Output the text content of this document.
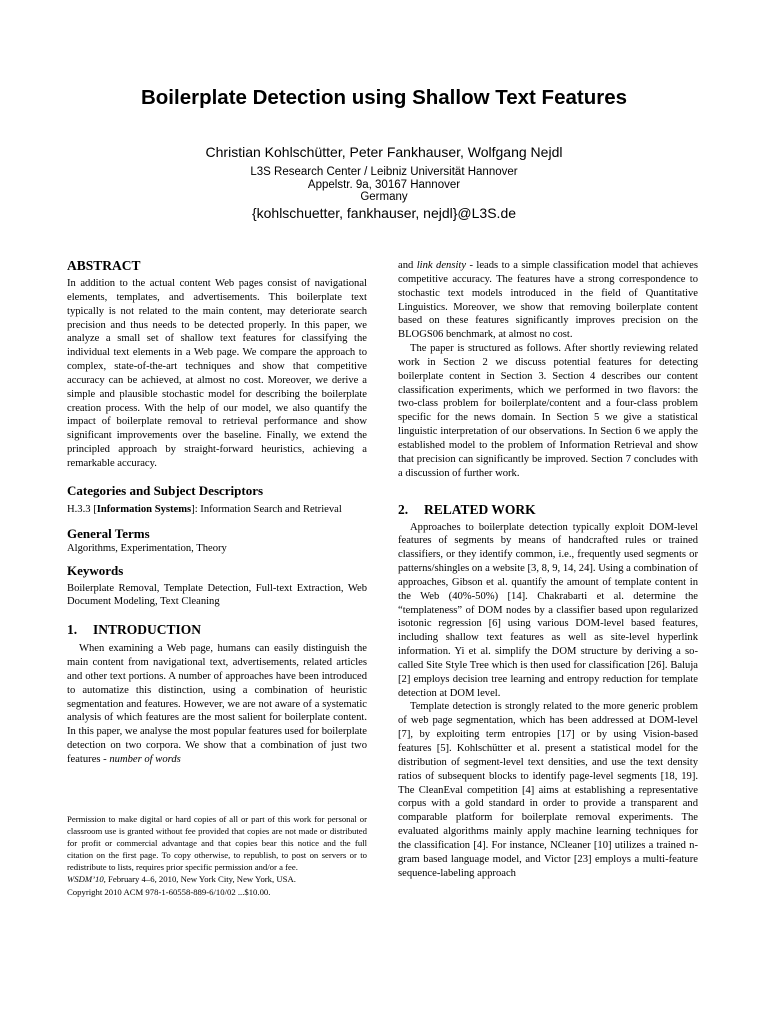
Boilerplate Detection using Shallow Text Features
Christian Kohlschütter, Peter Fankhauser, Wolfgang Nejdl
L3S Research Center / Leibniz Universität Hannover
Appelstr. 9a, 30167 Hannover
Germany
{kohlschuetter, fankhauser, nejdl}@L3S.de
ABSTRACT

In addition to the actual content Web pages consist of navigational elements, templates, and advertisements. This boilerplate text typically is not related to the main content, may deteriorate search precision and thus needs to be detected properly. In this paper, we analyze a small set of shallow text features for classifying the individual text elements in a Web page. We compare the approach to complex, state-of-the-art techniques and show that competitive accuracy can be achieved, at almost no cost. Moreover, we derive a simple and plausible stochastic model for describing the boilerplate creation process. With the help of our model, we also quantify the impact of boilerplate removal to retrieval performance and show significant improvements over the baseline. Finally, we extend the principled approach by straight-forward heuristics, achieving a remarkable accuracy.

Categories and Subject Descriptors

H.3.3 [Information Systems]: Information Search and Retrieval

General Terms

Algorithms, Experimentation, Theory

Keywords

Boilerplate Removal, Template Detection, Full-text Extraction, Web Document Modeling, Text Cleaning

1. INTRODUCTION

When examining a Web page, humans can easily distinguish the main content from navigational text, advertisements, related articles and other text portions. A number of approaches have been introduced to automatize this distinction, using a combination of heuristic segmentation and features. However, we are not aware of a systematic analysis of which features are the most salient for boilerplate content. In this paper, we analyse the most popular features used for boilerplate detection on two corpora. We show that a combination of just two features - number of words

Permission to make digital or hard copies of all or part of this work for personal or classroom use is granted without fee provided that copies are not made or distributed for profit or commercial advantage and that copies bear this notice and the full citation on the first page. To copy otherwise, to republish, to post on servers or to redistribute to lists, requires prior specific permission and/or a fee.

WSDM’10, February 4–6, 2010, New York City, New York, USA.

Copyright 2010 ACM 978-1-60558-889-6/10/02 ...$10.00.

and link density - leads to a simple classification model that achieves competitive accuracy. The features have a strong correspondence to stochastic text models introduced in the field of Quantitative Linguistics. Moreover, we show that removing boilerplate content based on these features significantly improves precision on the BLOGS06 benchmark, at almost no cost.

The paper is structured as follows. After shortly reviewing related work in Section 2 we discuss potential features for detecting boilerplate content in Section 3. Section 4 describes our content classification experiments, which we performed in two flavors: the two-class problem for boilerplate/content and a four-class problem specific for the news domain. In Section 5 we give a statistical linguistic interpretation of our observations. In Section 6 we apply the established model to the problem of Information Retrieval and show that precision can significantly be improved. Section 7 concludes with a discussion of further work.

2. RELATED WORK

Approaches to boilerplate detection typically exploit DOM-level features of segments by means of handcrafted rules or trained classifiers, or they identify common, i.e., frequently used segments or patterns/shingles on a website [3, 8, 9, 14, 24]. Using a combination of approaches, Gibson et al. quantify the amount of template content in the Web (40%-50%) [14]. Chakrabarti et al. determine the “templateness” of DOM nodes by a classifier based upon regularized isotonic regression [6] using various DOM-level based features, including shallow text features as well as site-level hyperlink information. Yi et al. simplify the DOM structure by deriving a so-called Site Style Tree which is then used for classification [26]. Baluja [2] employs decision tree learning and entropy reduction for template detection at DOM level.

Template detection is strongly related to the more generic problem of web page segmentation, which has been addressed at DOM-level [7], by exploiting term entropies [17] or by using Vision-based features [5]. Kohlschütter et al. present a statistical model for the distribution of segment-level text densities, and use the text density ratios of subsequent blocks to identify page-level segments [18, 19]. The CleanEval competition [4] aims at establishing a representative corpus with a gold standard in order to provide a transparent and comparable platform for boilerplate removal experiments. The evaluated algorithms mainly apply machine learning techniques for the classification [4]. For instance, NCleaner [10] utilizes a trained n-gram based language model, and Victor [23] employs a multi-feature sequence-labeling approach
